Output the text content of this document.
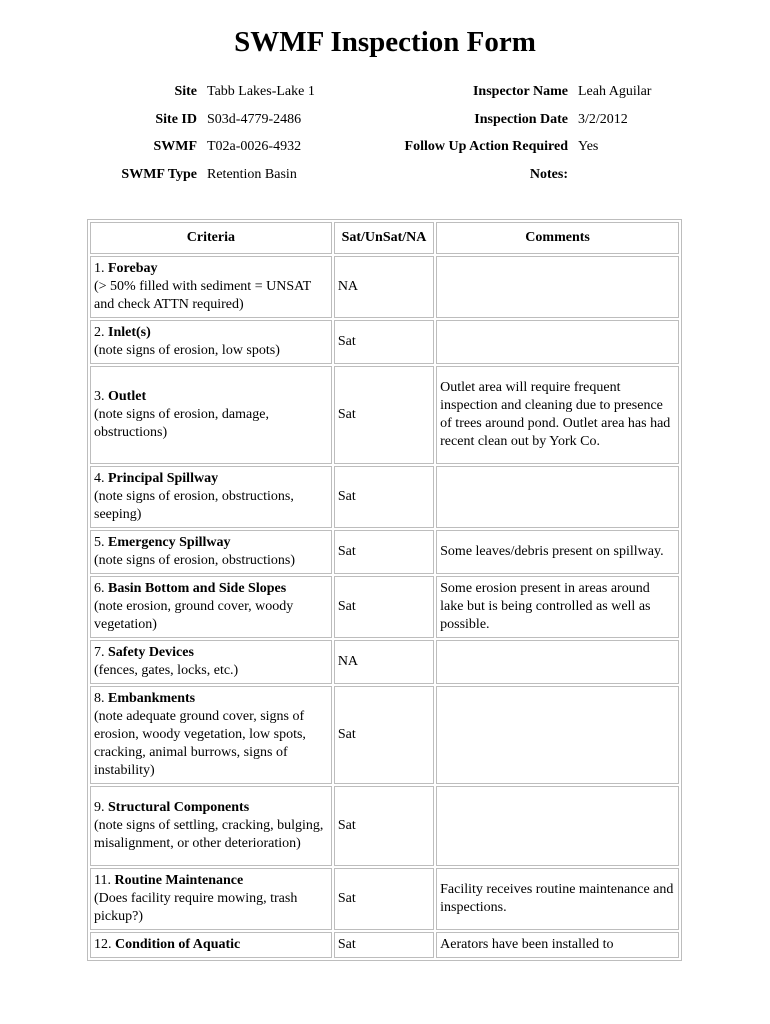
SWMF Inspection Form
Site Tabb Lakes-Lake 1
Site ID S03d-4779-2486
SWMF T02a-0026-4932
SWMF Type Retention Basin
Inspector Name Leah Aguilar
Inspection Date 3/2/2012
Follow Up Action Required Yes
Notes:
Criteria	Sat/UnSat/NA	Comments
1. Forebay
(> 50% filled with sediment = UNSAT and check ATTN required)	NA	
2. Inlet(s)
(note signs of erosion, low spots)	Sat	
3. Outlet
(note signs of erosion, damage, obstructions)	Sat	Outlet area will require frequent inspection and cleaning due to presence of trees around pond. Outlet area has had recent clean out by York Co.
4. Principal Spillway
(note signs of erosion, obstructions, seeping)	Sat	
5. Emergency Spillway
(note signs of erosion, obstructions)	Sat	Some leaves/debris present on spillway.
6. Basin Bottom and Side Slopes
(note erosion, ground cover, woody vegetation)	Sat	Some erosion present in areas around lake but is being controlled as well as possible.
7. Safety Devices
(fences, gates, locks, etc.)	NA	
8. Embankments
(note adequate ground cover, signs of erosion, woody vegetation, low spots, cracking, animal burrows, signs of instability)	Sat	
9. Structural Components
(note signs of settling, cracking, bulging, misalignment, or other deterioration)	Sat	
11. Routine Maintenance
(Does facility require mowing, trash pickup?)	Sat	Facility receives routine maintenance and inspections.
12. Condition of Aquatic	Sat	Aerators have been installed to
